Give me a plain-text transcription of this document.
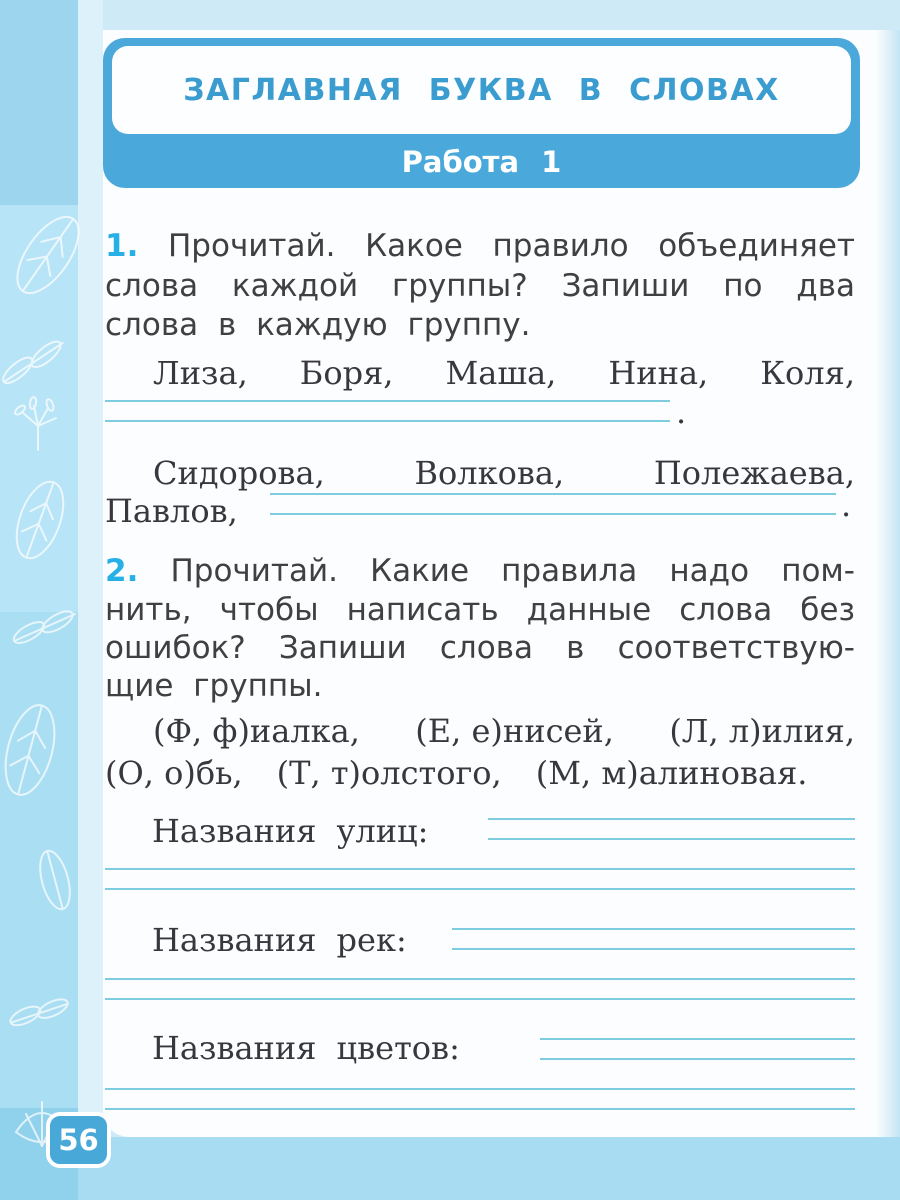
ЗАГЛАВНАЯ БУКВА В СЛОВАХ
Работа 1
1. Прочитай. Какое правило объединяет
слова каждой группы? Запиши по два
слова в каждую группу.
Лиза, Боря, Маша, Нина, Коля,
.
Сидорова,	Волкова,	Полежаева,
Павлов,	.
2. Прочитай. Какие правила надо пом-
нить, чтобы написать данные слова без
ошибок? Запиши слова в соответствую-
щие группы.
(Ф, ф)иалка, (Е, е)нисей, (Л, л)илия,
(О, о)бь, (Т, т)олстого, (М, м)алиновая.
Названия улиц:
Названия рек:
Названия цветов:
56
